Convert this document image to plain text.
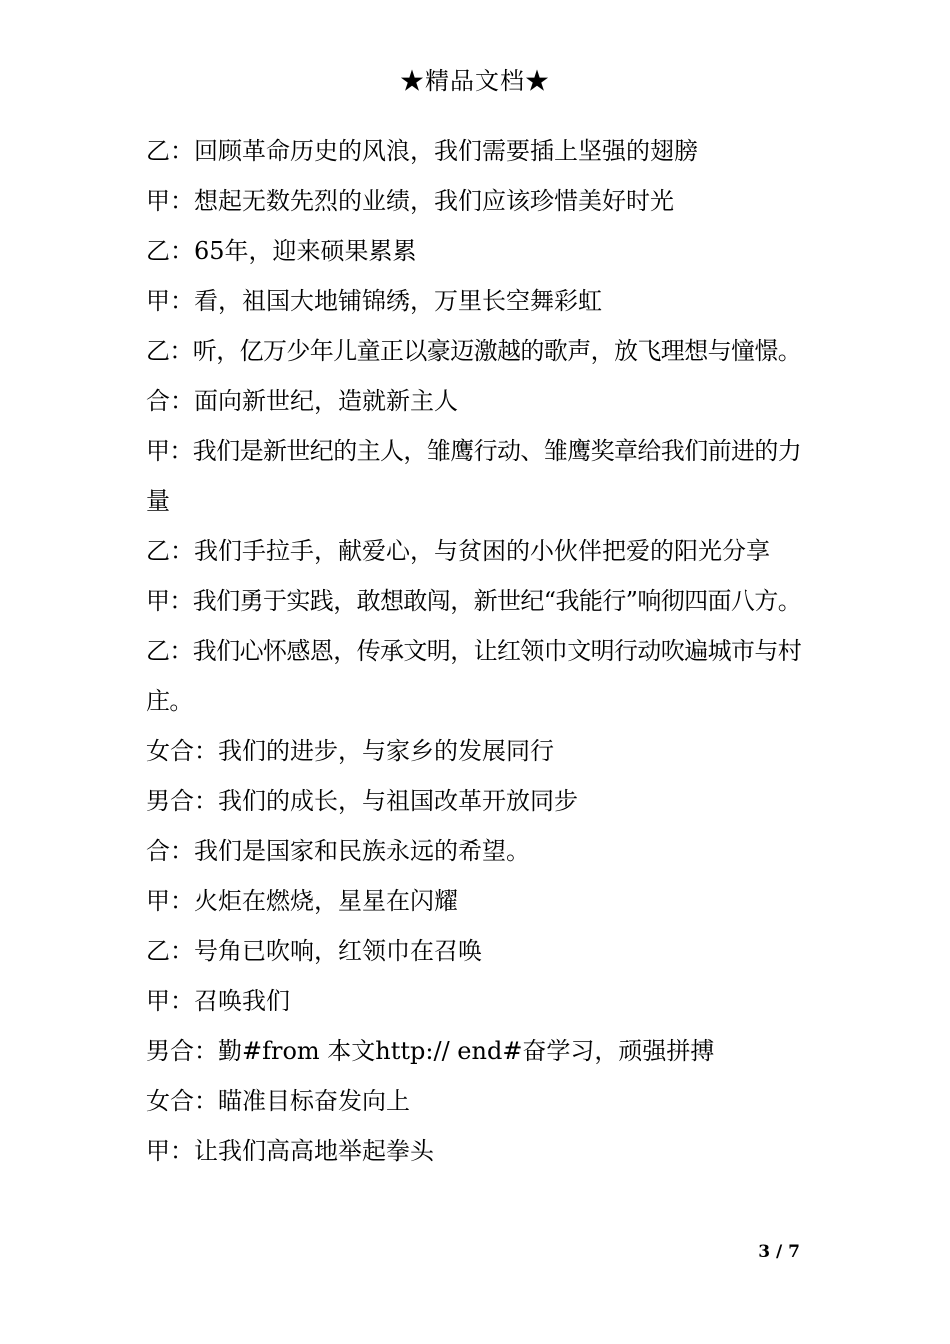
★精品文档★

乙：回顾革命历史的风浪，我们需要插上坚强的翅膀

甲：想起无数先烈的业绩，我们应该珍惜美好时光

乙：65年，迎来硕果累累

甲：看，祖国大地铺锦绣，万里长空舞彩虹

乙：听，亿万少年儿童正以豪迈激越的歌声，放飞理想与憧憬。

合：面向新世纪，造就新主人

甲：我们是新世纪的主人，雏鹰行动、雏鹰奖章给我们前进的力量

乙：我们手拉手，献爱心，与贫困的小伙伴把爱的阳光分享

甲：我们勇于实践，敢想敢闯，新世纪“我能行”响彻四面八方。

乙：我们心怀感恩，传承文明，让红领巾文明行动吹遍城市与村庄。

女合：我们的进步，与家乡的发展同行

男合：我们的成长，与祖国改革开放同步

合：我们是国家和民族永远的希望。

甲：火炬在燃烧，星星在闪耀

乙：号角已吹响，红领巾在召唤

甲：召唤我们

男合：勤#from 本文http:// end#奋学习，顽强拼搏

女合：瞄准目标奋发向上

甲：让我们高高地举起拳头

3 / 7
